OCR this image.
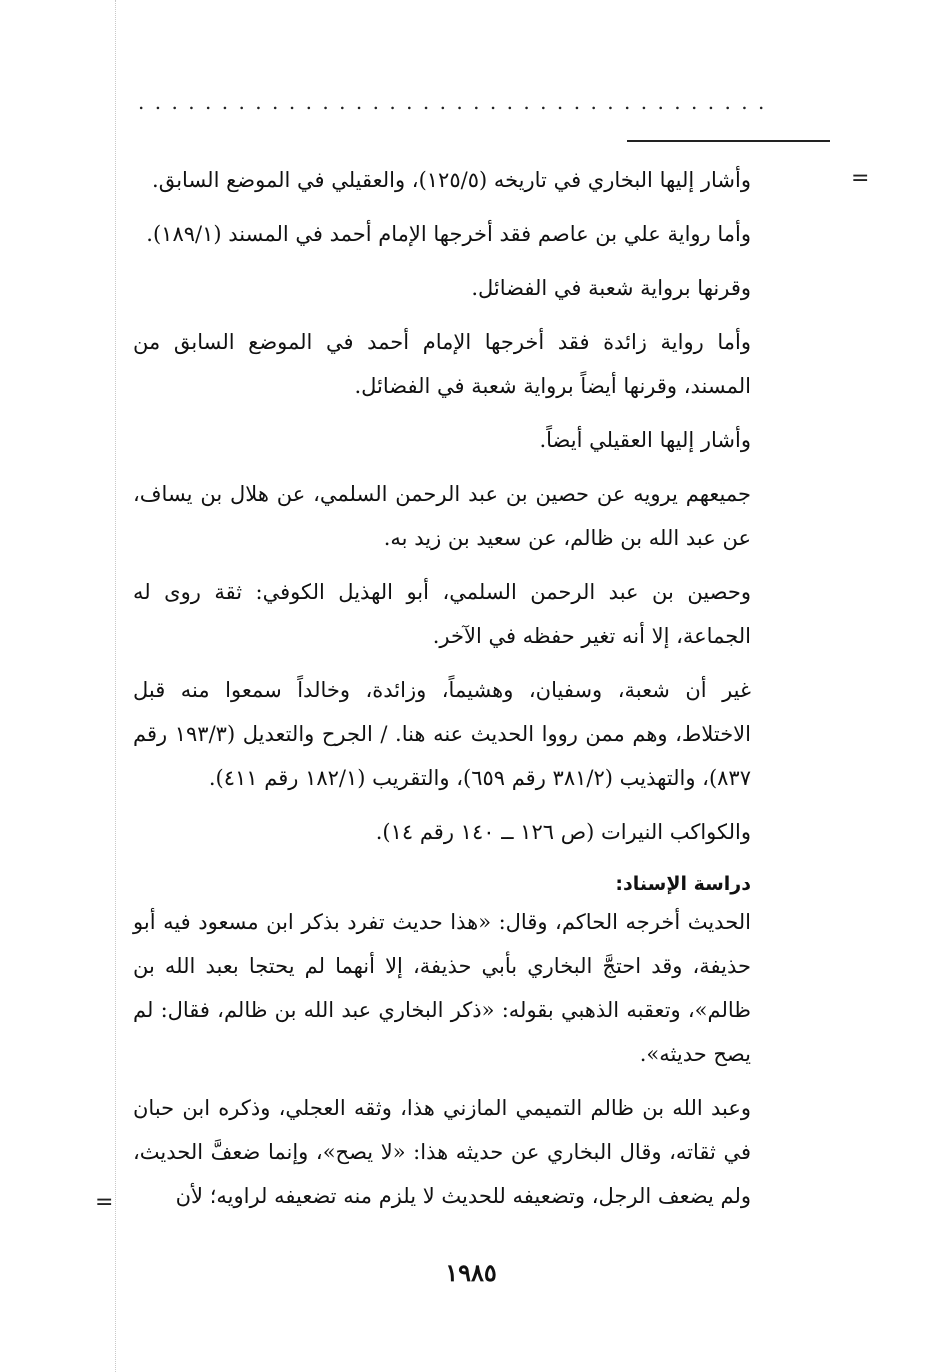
......................................
=
=

وأشار إليها البخاري في تاريخه (١٢٥/٥)، والعقيلي في الموضع السابق.

وأما رواية علي بن عاصم فقد أخرجها الإمام أحمد في المسند (١٨٩/١).

وقرنها برواية شعبة في الفضائل.

وأما رواية زائدة فقد أخرجها الإمام أحمد في الموضع السابق من المسند، وقرنها أيضاً برواية شعبة في الفضائل.

وأشار إليها العقيلي أيضاً.

جميعهم يرويه عن حصين بن عبد الرحمن السلمي، عن هلال بن يساف، عن عبد الله بن ظالم، عن سعيد بن زيد به.

وحصين بن عبد الرحمن السلمي، أبو الهذيل الكوفي: ثقة روى له الجماعة، إلا أنه تغير حفظه في الآخر.

غير أن شعبة، وسفيان، وهشيماً، وزائدة، وخالداً سمعوا منه قبل الاختلاط، وهم ممن رووا الحديث عنه هنا. / الجرح والتعديل (١٩٣/٣ رقم ٨٣٧)، والتهذيب (٣٨١/٢ رقم ٦٥٩)، والتقريب (١٨٢/١ رقم ٤١١).

والكواكب النيرات (ص ١٢٦ ــ ١٤٠ رقم ١٤).

دراسة الإسناد:

الحديث أخرجه الحاكم، وقال: «هذا حديث تفرد بذكر ابن مسعود فيه أبو حذيفة، وقد احتجَّ البخاري بأبي حذيفة، إلا أنهما لم يحتجا بعبد الله بن ظالم»، وتعقبه الذهبي بقوله: «ذكر البخاري عبد الله بن ظالم، فقال: لم يصح حديثه».

وعبد الله بن ظالم التميمي المازني هذا، وثقه العجلي، وذكره ابن حبان في ثقاته، وقال البخاري عن حديثه هذا: «لا يصح»، وإنما ضعفَّ الحديث، ولم يضعف الرجل، وتضعيفه للحديث لا يلزم منه تضعيفه لراويه؛ لأن

١٩٨٥
